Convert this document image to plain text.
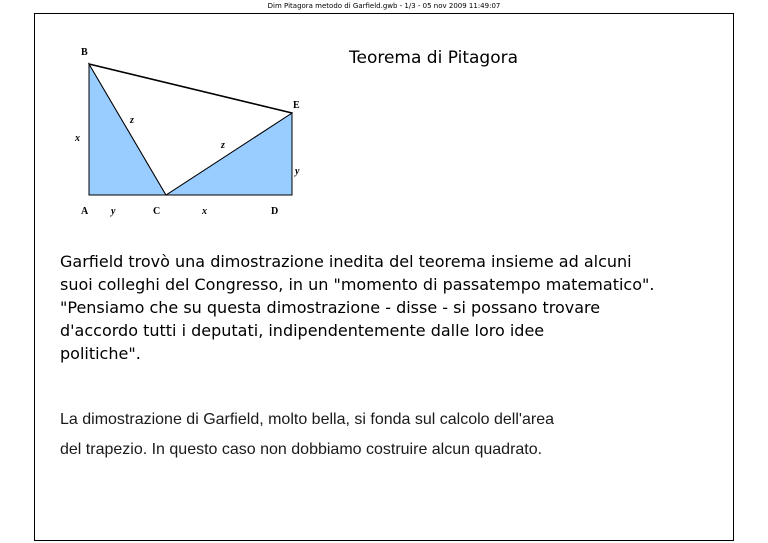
Dim Pitagora metodo di Garfield.gwb - 1/3 - 05 nov 2009 11:49:07
B
E
A	C	D
x
y	x
y
z
z
Teorema di Pitagora
Garfield trovò una dimostrazione inedita del teorema insieme ad alcuni
suoi colleghi del Congresso, in un "momento di passatempo matematico".
"Pensiamo che su questa dimostrazione - disse - si possano trovare
d'accordo tutti i deputati, indipendentemente dalle loro idee
politiche".
La dimostrazione di Garfield, molto bella, si fonda sul calcolo dell'area
del trapezio. In questo caso non dobbiamo costruire alcun quadrato.
